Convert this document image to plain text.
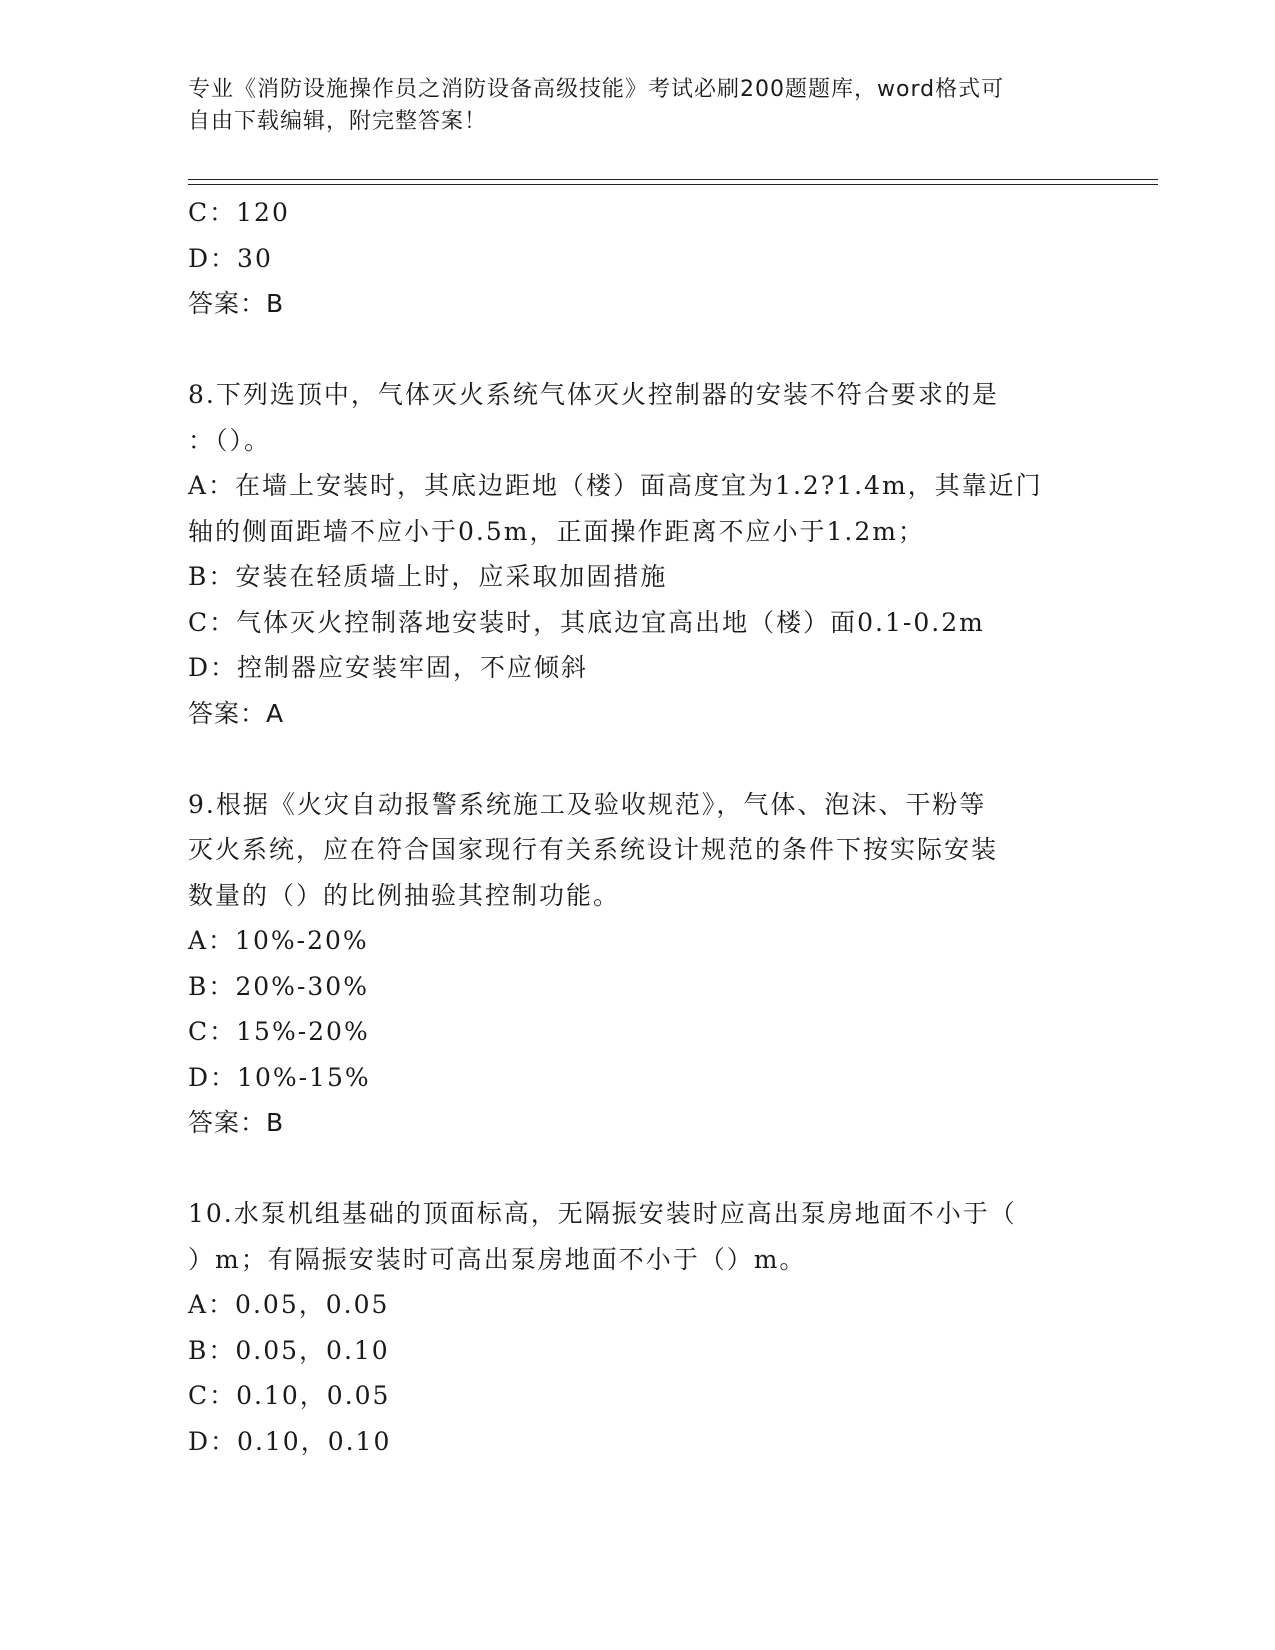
专业《消防设施操作员之消防设备高级技能》考试必刷200题题库，word格式可
自由下载编辑，附完整答案！
C：120
D：30
答案：B
8.下列选顶中，气体灭火系统气体灭火控制器的安装不符合要求的是
：（）。
A：在墙上安装时，其底边距地（楼）面高度宜为1.2?1.4m，其靠近门
轴的侧面距墙不应小于0.5m，正面操作距离不应小于1.2m；
B：安装在轻质墙上时，应采取加固措施
C：气体灭火控制落地安装时，其底边宜高出地（楼）面0.1-0.2m
D：控制器应安装牢固，不应倾斜
答案：A
9.根据《火灾自动报警系统施工及验收规范》，气体、泡沫、干粉等
灭火系统，应在符合国家现行有关系统设计规范的条件下按实际安装
数量的（）的比例抽验其控制功能。
A：10%-20%
B：20%-30%
C：15%-20%
D：10%-15%
答案：B
10.水泵机组基础的顶面标高，无隔振安装时应高出泵房地面不小于（
）m；有隔振安装时可高出泵房地面不小于（）m。
A：0.05，0.05
B：0.05，0.10
C：0.10，0.05
D：0.10，0.10
